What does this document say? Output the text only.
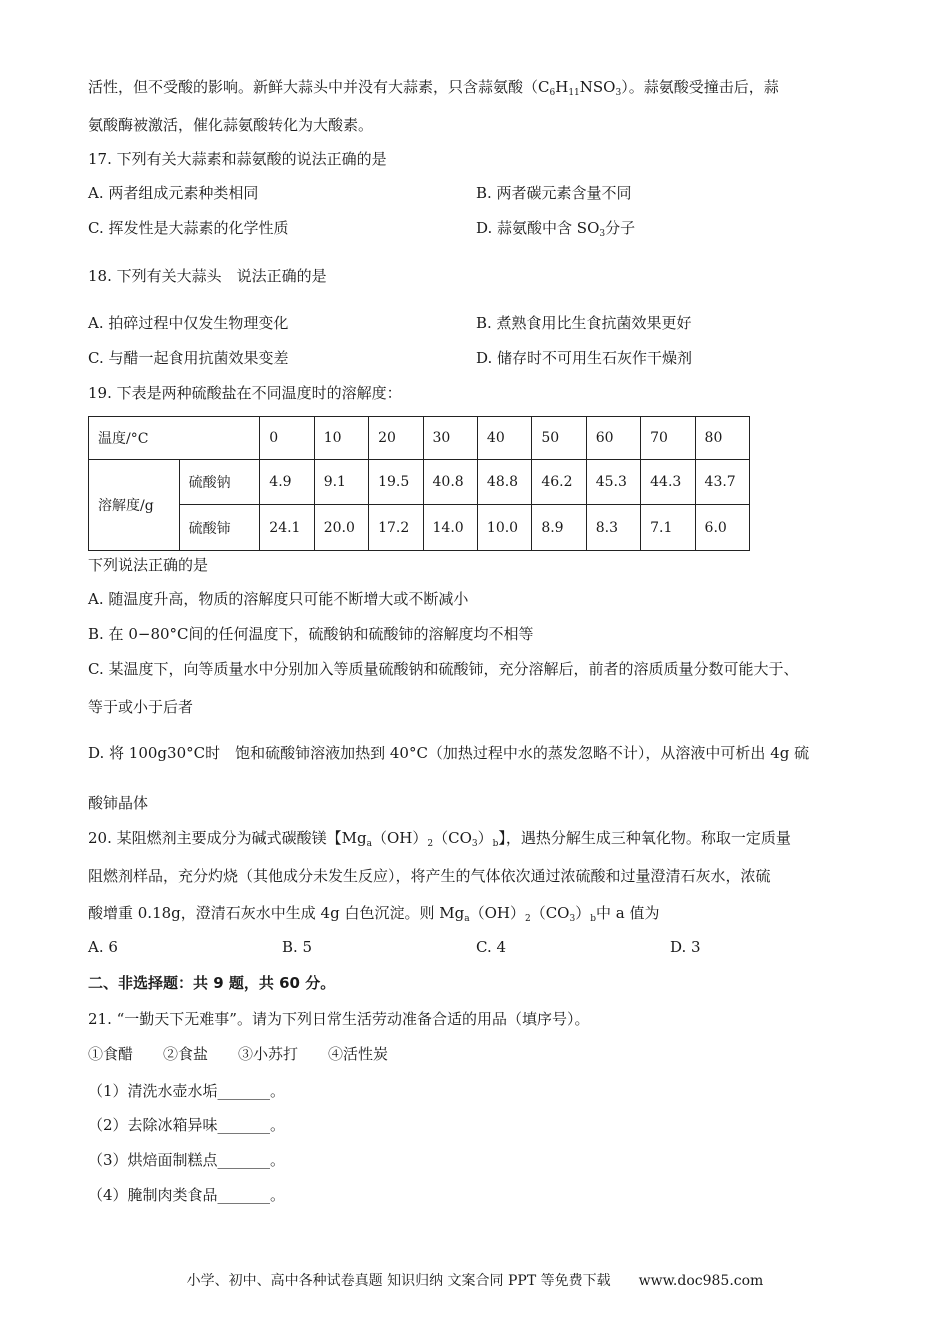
活性，但不受酸的影响。新鲜大蒜头中并没有大蒜素，只含蒜氨酸$(C_6H_{11}NSO_3)$。蒜氨酸受撞击后，蒜
氨酸酶被激活，催化蒜氨酸转化为大酸素。
17. 下列有关大蒜素和蒜氨酸的说法正确的是
A. 两者组成元素种类相同	B. 两者碳元素含量不同
C. 挥发性是大蒜素的化学性质	D. 蒜氨酸中含 $SO_3$分子
18. 下列有关大蒜头　说法正确的是
A. 拍碎过程中仅发生物理变化	B. 煮熟食用比生食抗菌效果更好
C. 与醋一起食用抗菌效果变差	D. 储存时不可用生石灰作干燥剂
19. 下表是两种硫酸盐在不同温度时的溶解度：
温度/°C		0	10	20	30	40	50	60	70	80
溶解度/g	硫酸钠	4.9	9.1	19.5	40.8	48.8	46.2	45.3	44.3	43.7
	硫酸铈	24.1	20.0	17.2	14.0	10.0	8.9	8.3	7.1	6.0
下列说法正确的是
A. 随温度升高，物质的溶解度只可能不断增大或不断减小
B. 在 0−80°C间的任何温度下，硫酸钠和硫酸铈的溶解度均不相等
C. 某温度下，向等质量水中分别加入等质量硫酸钠和硫酸铈，充分溶解后，前者的溶质质量分数可能大于、
等于或小于后者
D. 将 100g30°C时　饱和硫酸铈溶液加热到 40°C（加热过程中水的蒸发忽略不计），从溶液中可析出 4g 硫
酸铈晶体
20. 某阻燃剂主要成分为碱式碳酸镁【$Mg_a(OH)_2(CO_3)_b$】，遇热分解生成三种氧化物。称取一定质量
阻燃剂样品，充分灼烧（其他成分未发生反应），将产生的气体依次通过浓硫酸和过量澄清石灰水，浓硫
酸增重 0.18g，澄清石灰水中生成 4g 白色沉淀。则 $Mg_a(OH)_2(CO_3)_b$中 a 值为
A. 6	B. 5	C. 4	D. 3
二、非选择题：共 9 题，共 60 分。
21. “一勤天下无难事”。请为下列日常生活劳动准备合适的用品（填序号）。
①食醋　　②食盐　　③小苏打　　④活性炭
（1）清洗水壶水垢_______。
（2）去除冰箱异味_______。
（3）烘焙面制糕点_______。
（4）腌制肉类食品_______。
小学、初中、高中各种试卷真题 知识归纳 文案合同 PPT 等免费下载　　www.doc985.com
